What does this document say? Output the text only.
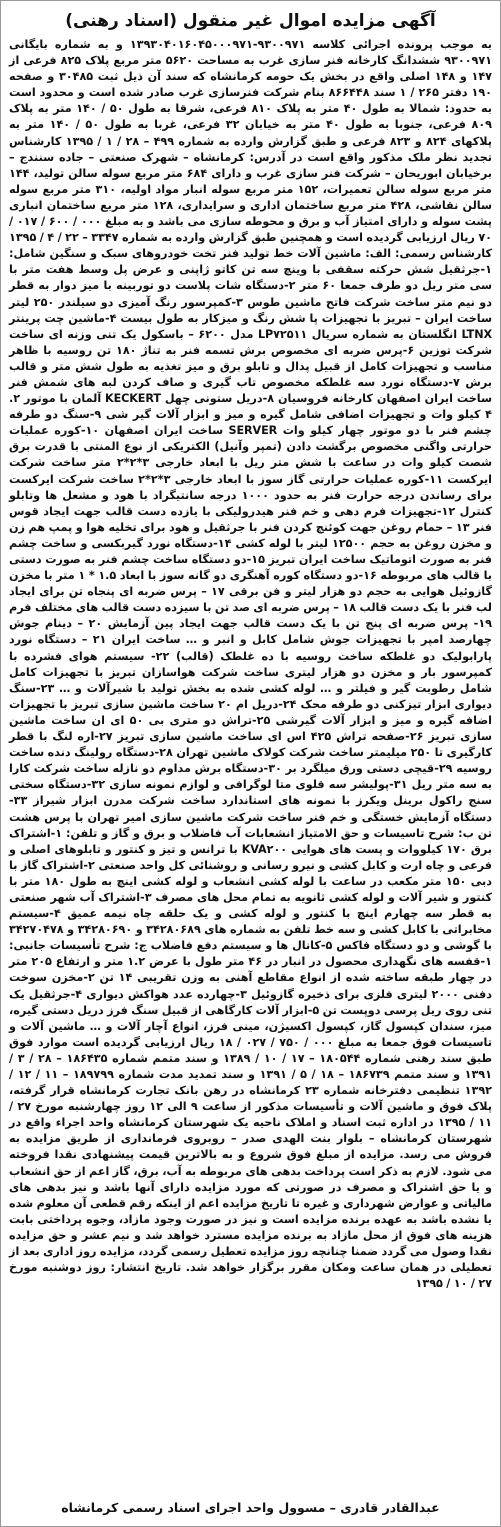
آگهی مزایده اموال غیر منقول (اسناد رهنی)
به موجب پرونده اجرائی کلاسه ۹۳۰۰۹۷۱-۱۳۹۳۰۴۰۱۶۰۴۵۰۰۰۹۷۱ و به شماره بایگانی ۹۳۰۰۹۷۱ ششدانگ کارخانه فنر سازی غرب به مساحت ۵۶۲۰ متر مربع پلاک ۸۲۵ فرعی از ۱۴۷ و ۱۴۸ اصلی واقع در بخش یک حومه کرمانشاه که سند آن ذیل ثبت ۳۰۴۸۵ و صفحه ۱۹۰ دفتر ۲۶۵ / ۱ سند ۸۶۶۴۴۸ بنام شرکت فنرسازی غرب صادر شده است و محدود است به حدود: شمالا به طول ۴۰ متر به پلاک ۸۱۰ فرعی، شرقا به طول ۵۰ / ۱۴۰ متر به پلاک ۸۰۹ فرعی، جنوبا به طول ۴۰ متر به خیابان ۳۲ فرعی، غربا به طول ۵۰ / ۱۴۰ متر به پلاکهای ۸۲۴ و ۸۲۳ فرعی و طبق گزارش وارده به شماره ۴۹۹ – ۲۸ / ۱ / ۱۳۹۵ کارشناس تجدید نظر ملک مذکور واقع است در آدرس: کرمانشاه – شهرک صنعتی – جاده سنندج – برخیابان ابوریحان – شرکت فنر سازی غرب و دارای ۶۸۴ متر مربع سوله سالن تولید، ۱۴۴ متر مربع سوله سالن تعمیرات، ۱۵۲ متر مربع سوله انبار مواد اولیه، ۳۱۰ متر مربع سوله سالن نقاشی، ۴۲۸ متر مربع ساختمان اداری و سرایداری، ۱۲۸ متر مربع ساختمان انباری پشت سوله و دارای امتیاز آب و برق و محوطه سازی می باشد و به مبلغ ۰۰۰ / ۶۰۰ / ۰۱۷ / ۷۰ ریال ارزیابی گردیده است و همچنین طبق گزارش وارده به شماره ۳۳۴۷ – ۲۲ / ۴ / ۱۳۹۵ کارشناس رسمی: الف: ماشین آلات خط تولید فنر تخت خودروهای سبک و سنگین شامل: ۱-جرثقیل شش حرکته سقفی با وینچ سه تن کاتو ژاپنی و عرض پل وسط هفت متر با سی متر ریل دو طرف جمعا ۶۰ متر ۲-دستگاه شات پلاست دو توربینه با میز دوار به قطر دو نیم متر ساخت شرکت فاتح ماشین طوس ۳-کمپرسور رنگ آمیزی دو سیلندر ۲۵۰ لیتر ساخت ایران – تبریز با تجهیزات پا شش رنگ و میزکار به طول بیست ۴-ماشین چت پرینتر LTNX انگلستان به شماره سریال LP۷۲۵۱۱ مدل ۶۲۰۰ – باسکول یک تنی وزنه ای ساخت شرکت توزین ۶-پرس ضربه ای مخصوص برش تسمه فنر به تناژ ۱۸۰ تن روسیه با ظاهر مناسب و تجهیزات کامل از قبیل پدال و تابلو برق و میز تغذیه به طول شش متر و قالب برش ۷-دستگاه نورد سه غلطکه مخصوص تاب گیری و صاف کردن لبه های شمش فنر ساخت ایران اصفهان کارخانه فروسیان ۸-دریل ستونی چهل KECKERT آلمان با موتور ۲. ۴ کیلو وات و تجهیزات اضافی شامل گیره و میز و ابزار آلات گیر شی ۹-سنگ دو طرفه چشم فنر با دو موتور چهار کیلو وات SERVER ساخت ایران اصفهان ۱۰-کوره عملیات حرارتی واگنی مخصوص برگشت دادن (تمپر وآنیل) الکتریکی از نوع المنتی با قدرت برق شصت کیلو وات در ساعت با شش متر ریل با ابعاد خارجی ۳*۲*۲ متر ساخت شرکت ایرکست ۱۱-کوره عملیات حرارتی گاز سوز با ابعاد خارجی ۳*۲*۲ ساخت شرکت ایرکست برای رساندن درجه حرارت فنر به حدود ۱۰۰۰ درجه سانتیگراد با هود و مشعل ها وتابلو کنترل ۱۲-تجهیزات فرم دهی و خم فنر هیدرولیکی با یازده دست قالب جهت ایجاد قوس فنر ۱۳ – حمام روغن جهت کوئنچ کردن فنر با جرثقیل و هود برای تخلیه هوا و پمپ هم زن و مخزن روغن به حجم ۱۲۵۰۰ لیتر با لوله کشی ۱۴-دستگاه نورد گیربکسی و ساخت چشم فنر به صورت اتوماتیک ساخت ایران تبریز ۱۵-دو دستگاه ساخت چشم فنر به صورت دستی با قالب های مربوطه ۱۶-دو دستگاه کوره آهنگری دو گانه سوز با ابعاد ۱.۵ * ۱ متر با مخزن گازوئیل هوایی به حجم دو هزار لیتر و فن برقی ۱۷ – پرس ضربه ای پنجاه تن برای ایجاد لب فنر با یک دست قالب ۱۸ – پرس ضربه ای صد تن با سیزده دست قالب های مختلف فرم ۱۹- پرس ضربه ای پنج تن با یک دست قالب جهت ایجاد پین آزمایش ۲۰ – دینام جوش چهارصد امپر با تجهیزات جوش شامل کابل و انبر و … ساخت ایران ۲۱ – دستگاه نورد پارابولیک دو غلطکه ساخت روسیه با ده غلطک (قالب) ۲۲- سیستم هوای فشرده با کمپرسور بار و مخزن دو هزار لیتری ساخت شرکت هواسازان تبریز با تجهیزات کامل شامل رطوبت گیر و فیلتر و … لوله کشی شده به بخش تولید با شیرآلات و … ۲۳-سنگ دیواری ابزار تیزکنی دو طرفه محک ۲۴-دریل ام ۲۰ ساخت ماشین سازی تبریز با تجهیزات اضافه گیره و میز و ابزار آلات گیرشی ۲۵-تراش دو متری بی ۵۰ ای ان ساخت ماشین سازی تبریز ۲۶-صفحه تراش ۴۲۵ اس ای ساخت ماشین سازی تبریز ۲۷-اره لنگ با قطر کارگیری تا ۲۵۰ میلیمتر ساخت شرکت کولاک ماشین تهران ۲۸-دستگاه رولینگ دنده ساخت روسیه ۲۹-قیچی دستی ورق میلگرد بر ۳۰-دستگاه برش مداوم دو نازله ساخت شرکت کارا به سه متر ریل ۳۱-پولیشر سه قلوی متا لوگرافی و لوازم نمونه سازی ۳۲-دستگاه سختی سنج راکول برینل ویکرز با نمونه های استاندارد ساخت شرکت مدرن ابزار شیراز ۳۳-دستگاه آزمایش خستگی و خم فنر ساخت شرکت ماشین سازی امیر تهران با پرس هشت تن ب: شرح تاسیسات و حق الامتیاز انشعابات آب فاضلاب و برق و گاز و تلفن: ۱-اشتراک برق ۱۷۰ کیلووات و پست های هوایی KVA۲۰۰ با ترانس و تیز و کنتور و تابلوهای اصلی و فرعی و چاه ارت و کابل کشی و نیرو رسانی و روشنائی کل واحد صنعتی ۲-اشتراک گاز با دبی ۱۵۰ متر مکعب در ساعت با لوله کشی انشعاب و لوله کشی اینچ به طول ۱۸۰ متر با کنتور و شیر آلات و لوله کشی ثانویه به تمام محل های مصرف ۳-اشتراک آب شهر صنعتی به قطر سه چهارم اینچ با کنتور و لوله کشی و یک حلقه چاه نیمه عمیق ۴-سیستم مخابراتی با کابل کشی و سه خط تلفن به شماره های ۳۴۲۸۰۶۸۹ و ۳۴۲۸۰۶۹۰ و ۳۴۲۷۰۴۷۸ با گوشی و دو دستگاه فاکس ۵-کانال ها و سیستم دفع فاضلاب ج: شرح تأسیسات جانبی: ۱-قفسه های نگهداری محصول در انبار در ۴۶ متر طول با عرض ۱.۲ متر و ارتفاع ۲۰۵ متر در چهار طبقه ساخته شده از انواع مقاطع آهنی به وزن تقریبی ۱۴ تن ۲-مخزن سوخت دفنی ۲۰۰۰ لیتری فلزی برای ذخیره گازوئیل ۳-چهارده عدد هواکش دیواری ۴-جرثقیل یک تنی روی ریل پرسی دوپست تن ۵-ابزار آلات کارگاهی از قبیل سنگ فرز دریل دستی گیره، میز، سندان کپسول گاز، کپسول اکسیژن، مینی فرز، انواع آچار آلات و … ماشین آلات و تاسیسات فوق جمعا به مبلغ ۰۰۰ / ۷۵۰ / ۰۲۷ / ۱۸ ریال ارزیابی گردیده است موارد فوق طبق سند رهنی شماره ۱۸۰۵۴۴ – ۱۷ / ۱۰ / ۱۳۸۹ و سند متمم شماره ۱۸۶۴۳۵ – ۲۸ / ۳ / ۱۳۹۱ و سند متمم ۱۸۶۷۳۹ – ۱۸ / ۵ / ۱۳۹۱ و سند تمدید مدت شماره ۱۸۹۷۹۹ – ۱۱ / ۱۲ / ۱۳۹۲ تنظیمی دفترخانه شماره ۲۳ کرمانشاه در رهن بانک تجارت کرمانشاه قرار گرفته، پلاک فوق و ماشین آلات و تأسیسات مذکور از ساعت ۹ الی ۱۲ روز چهارشنبه مورخ ۲۷ / ۱۱ / ۱۳۹۵ در اداره ثبت اسناد و املاک ناحیه یک شهرستان کرمانشاه واحد اجراء واقع در شهرستان کرمانشاه – بلوار بنت الهدی صدر – روبروی فرمانداری از طریق مزایده به فروش می رسد. مزایده از مبلغ فوق شروع و به بالاترین قیمت پیشنهادی نقدا فروخته می شود. لازم به ذکر است پرداخت بدهی های مربوطه به آب، برق، گاز اعم از حق انشعاب و یا حق اشتراک و مصرف در صورتی که مورد مزایده دارای آنها باشد و نیز بدهی های مالیاتی و عوارض شهرداری و غیره تا تاریخ مزایده اعم از اینکه رقم قطعی آن معلوم شده یا نشده باشد به عهده برنده مزایده است و نیز در صورت وجود مازاد، وجوه پرداختی بابت هزینه های فوق از محل مازاد به برنده مزایده مسترد خواهد شد و نیم عشر و حق مزایده نقدا وصول می گردد ضمنا چنانچه روز مزایده تعطیل رسمی گردد، مزایده روز اداری بعد از تعطیلی در همان ساعت ومکان مقرر برگزار خواهد شد. تاریخ انتشار: روز دوشنبه مورخ ۲۷ / ۱۰ / ۱۳۹۵
عبدالقادر قادری – مسوول واحد اجرای اسناد رسمی کرمانشاه
